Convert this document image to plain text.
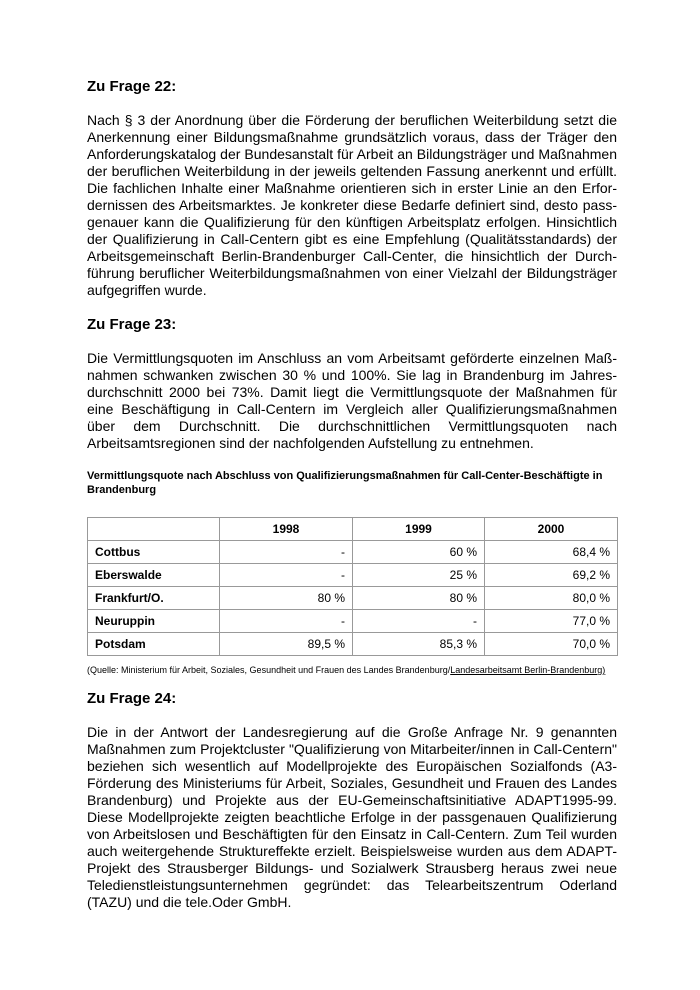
Zu Frage 22:

Nach § 3 der Anordnung über die Förderung der beruflichen Weiterbildung setzt die Anerkennung einer Bildungsmaßnahme grundsätzlich voraus, dass der Träger den Anforderungskatalog der Bundesanstalt für Arbeit an Bildungsträger und Maßnahmen der beruflichen Weiterbildung in der jeweils geltenden Fassung anerkennt und erfüllt. Die fachlichen Inhalte einer Maßnahme orientieren sich in erster Linie an den Erfordernissen des Arbeitsmarktes. Je konkreter diese Bedarfe definiert sind, desto passgenauer kann die Qualifizierung für den künftigen Arbeitsplatz erfolgen. Hinsichtlich der Qualifizierung in Call-Centern gibt es eine Empfehlung (Qualitätsstandards) der Arbeitsgemeinschaft Berlin-Brandenburger Call-Center, die hinsichtlich der Durchführung beruflicher Weiterbildungsmaßnahmen von einer Vielzahl der Bildungsträger aufgegriffen wurde.

Zu Frage 23:

Die Vermittlungsquoten im Anschluss an vom Arbeitsamt geförderte einzelnen Maßnahmen schwanken zwischen 30 % und 100%. Sie lag in Brandenburg im Jahresdurchschnitt 2000 bei 73%. Damit liegt die Vermittlungsquote der Maßnahmen für eine Beschäftigung in Call-Centern im Vergleich aller Qualifizierungsmaßnahmen über dem Durchschnitt. Die durchschnittlichen Vermittlungsquoten nach Arbeitsamtsregionen sind der nachfolgenden Aufstellung zu entnehmen.

Vermittlungsquote nach Abschluss von Qualifizierungsmaßnahmen für Call-Center-Beschäftigte in Brandenburg
	1998	1999	2000
Cottbus	-	60 %	68,4 %
Eberswalde	-	25 %	69,2 %
Frankfurt/O.	80 %	80 %	80,0 %
Neuruppin	-	-	77,0 %
Potsdam	89,5 %	85,3 %	70,0 %
(Quelle: Ministerium für Arbeit, Soziales, Gesundheit und Frauen des Landes Brandenburg/Landesarbeitsamt Berlin-Brandenburg)
Zu Frage 24:

Die in der Antwort der Landesregierung auf die Große Anfrage Nr. 9 genannten Maßnahmen zum Projektcluster "Qualifizierung von Mitarbeiter/innen in Call-Centern" beziehen sich wesentlich auf Modellprojekte des Europäischen Sozialfonds (A3-Förderung des Ministeriums für Arbeit, Soziales, Gesundheit und Frauen des Landes Brandenburg) und Projekte aus der EU-Gemeinschaftsinitiative ADAPT1995-99. Diese Modellprojekte zeigten beachtliche Erfolge in der passgenauen Qualifizierung von Arbeitslosen und Beschäftigten für den Einsatz in Call-Centern. Zum Teil wurden auch weitergehende Struktureffekte erzielt. Beispielsweise wurden aus dem ADAPT-Projekt des Strausberger Bildungs- und Sozialwerk Strausberg heraus zwei neue Teledienstleistungsunternehmen gegründet: das Telearbeitszentrum Oderland (TAZU) und die tele.Oder GmbH.
